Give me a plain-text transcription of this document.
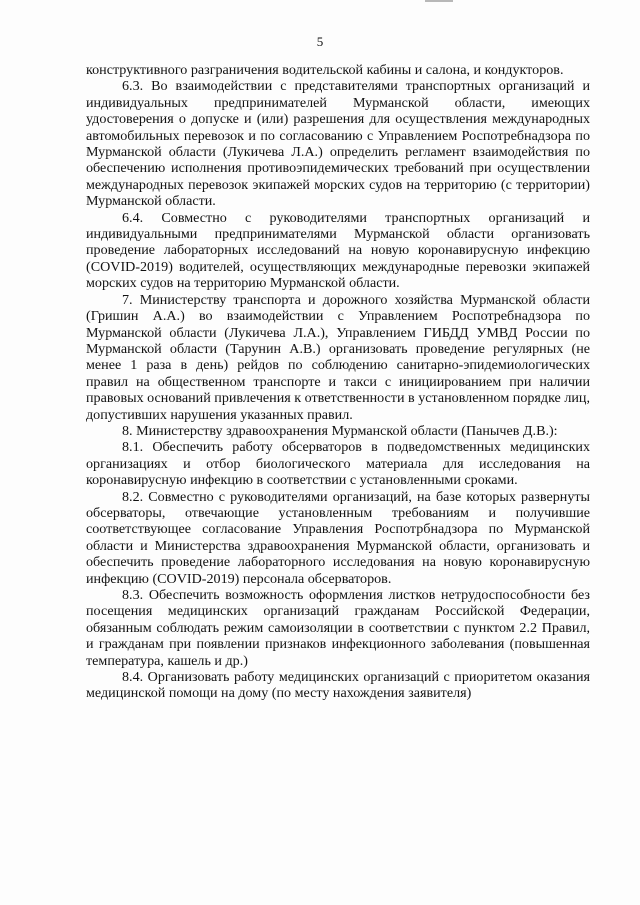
5

конструктивного разграничения водительской кабины и салона, и кондукторов.

6.3. Во взаимодействии с представителями транспортных организаций и индивидуальных предпринимателей Мурманской области, имеющих удостоверения о допуске и (или) разрешения для осуществления международных автомобильных перевозок и по согласованию с Управлением Роспотребнадзора по Мурманской области (Лукичева Л.А.) определить регламент взаимодействия по обеспечению исполнения противоэпидемических требований при осуществлении международных перевозок экипажей морских судов на территорию (с территории) Мурманской области.

6.4. Совместно с руководителями транспортных организаций и индивидуальными предпринимателями Мурманской области организовать проведение лабораторных исследований на новую коронавирусную инфекцию (COVID-2019) водителей, осуществляющих международные перевозки экипажей морских судов на территорию Мурманской области.

7. Министерству транспорта и дорожного хозяйства Мурманской области (Гришин А.А.) во взаимодействии с Управлением Роспотребнадзора по Мурманской области (Лукичева Л.А.), Управлением ГИБДД УМВД России по Мурманской области (Тарунин А.В.) организовать проведение регулярных (не менее 1 раза в день) рейдов по соблюдению санитарно-эпидемиологических правил на общественном транспорте и такси с инициированием при наличии правовых оснований привлечения к ответственности в установленном порядке лиц, допустивших нарушения указанных правил.

8. Министерству здравоохранения Мурманской области (Панычев Д.В.):

8.1. Обеспечить работу обсерваторов в подведомственных медицинских организациях и отбор биологического материала для исследования на коронавирусную инфекцию в соответствии с установленными сроками.

8.2. Совместно с руководителями организаций, на базе которых развернуты обсерваторы, отвечающие установленным требованиям и получившие соответствующее согласование Управления Роспотрбнадзора по Мурманской области и Министерства здравоохранения Мурманской области, организовать и обеспечить проведение лабораторного исследования на новую коронавирусную инфекцию (COVID-2019) персонала обсерваторов.

8.3. Обеспечить возможность оформления листков нетрудоспособности без посещения медицинских организаций гражданам Российской Федерации, обязанным соблюдать режим самоизоляции в соответствии с пунктом 2.2 Правил, и гражданам при появлении признаков инфекционного заболевания (повышенная температура, кашель и др.)

8.4. Организовать работу медицинских организаций с приоритетом оказания медицинской помощи на дому (по месту нахождения заявителя)
